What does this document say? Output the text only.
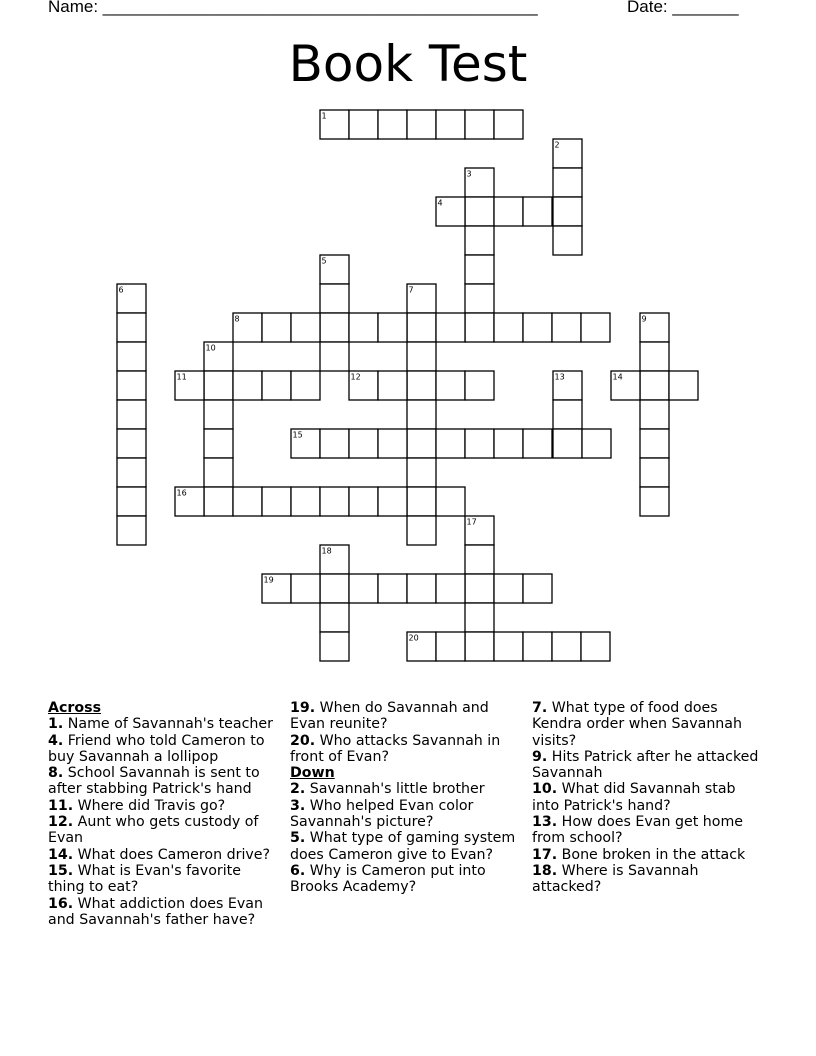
Name: ______________________________________________	Date: _______
Book Test
1
2
3
4
5
6	7
8	9
10
11	12	13	14
15
16
17
18
19
20
Across
1. Name of Savannah's teacher
4. Friend who told Cameron to buy Savannah a lollipop
8. School Savannah is sent to after stabbing Patrick's hand
11. Where did Travis go?
12. Aunt who gets custody of Evan
14. What does Cameron drive?
15. What is Evan's favorite thing to eat?
16. What addiction does Evan and Savannah's father have?
19. When do Savannah and Evan reunite?
20. Who attacks Savannah in front of Evan?
Down
2. Savannah's little brother
3. Who helped Evan color Savannah's picture?
5. What type of gaming system does Cameron give to Evan?
6. Why is Cameron put into Brooks Academy?
7. What type of food does Kendra order when Savannah visits?
9. Hits Patrick after he attacked Savannah
10. What did Savannah stab into Patrick's hand?
13. How does Evan get home from school?
17. Bone broken in the attack
18. Where is Savannah attacked?
